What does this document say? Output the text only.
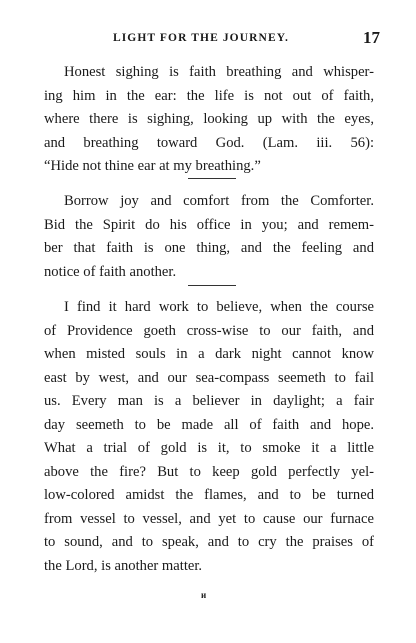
LIGHT FOR THE JOURNEY.	17
Honest sighing is faith breathing and whisper-
ing him in the ear: the life is not out of faith,
where there is sighing, looking up with the eyes,
and breathing toward God. (Lam. iii. 56):
“Hide not thine ear at my breathing.”
Borrow joy and comfort from the Comforter.
Bid the Spirit do his office in you; and remem-
ber that faith is one thing, and the feeling and
notice of faith another.
I find it hard work to believe, when the course
of Providence goeth cross-wise to our faith, and
when misted souls in a dark night cannot know
east by west, and our sea-compass seemeth to fail
us. Every man is a believer in daylight; a fair
day seemeth to be made all of faith and hope.
What a trial of gold is it, to smoke it a little
above the fire? But to keep gold perfectly yel-
low-colored amidst the flames, and to be turned
from vessel to vessel, and yet to cause our furnace
to sound, and to speak, and to cry the praises of
the Lord, is another matter.
и
